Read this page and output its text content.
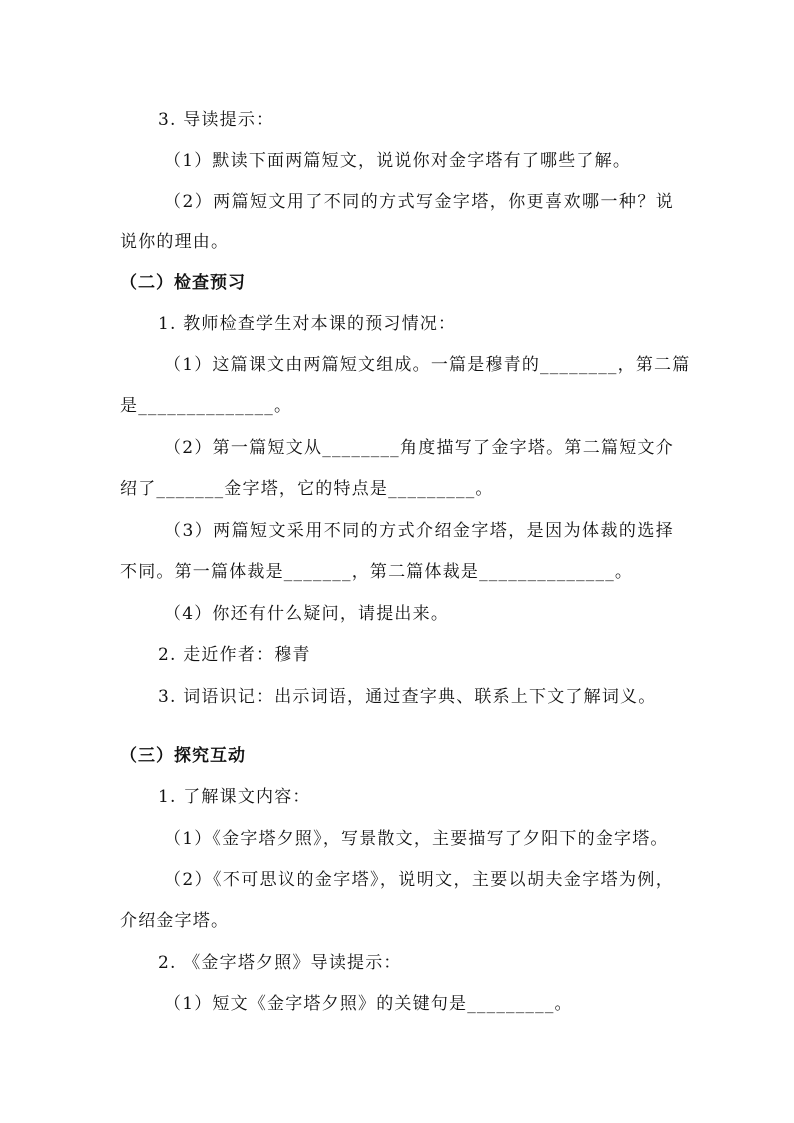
3. 导读提示：
（1）默读下面两篇短文，说说你对金字塔有了哪些了解。
（2）两篇短文用了不同的方式写金字塔，你更喜欢哪一种？说
说你的理由。
（二）检查预习
1. 教师检查学生对本课的预习情况：
（1）这篇课文由两篇短文组成。一篇是穆青的________，第二篇
是______________。
（2）第一篇短文从________角度描写了金字塔。第二篇短文介
绍了_______金字塔，它的特点是_________。
（3）两篇短文采用不同的方式介绍金字塔，是因为体裁的选择
不同。第一篇体裁是_______，第二篇体裁是______________。
（4）你还有什么疑问，请提出来。
2. 走近作者：穆青
3. 词语识记：出示词语，通过查字典、联系上下文了解词义。
（三）探究互动
1. 了解课文内容：
（1）《金字塔夕照》，写景散文，主要描写了夕阳下的金字塔。
（2）《不可思议的金字塔》，说明文，主要以胡夫金字塔为例，
介绍金字塔。
2. 《金字塔夕照》导读提示：
（1）短文《金字塔夕照》的关键句是_________。
